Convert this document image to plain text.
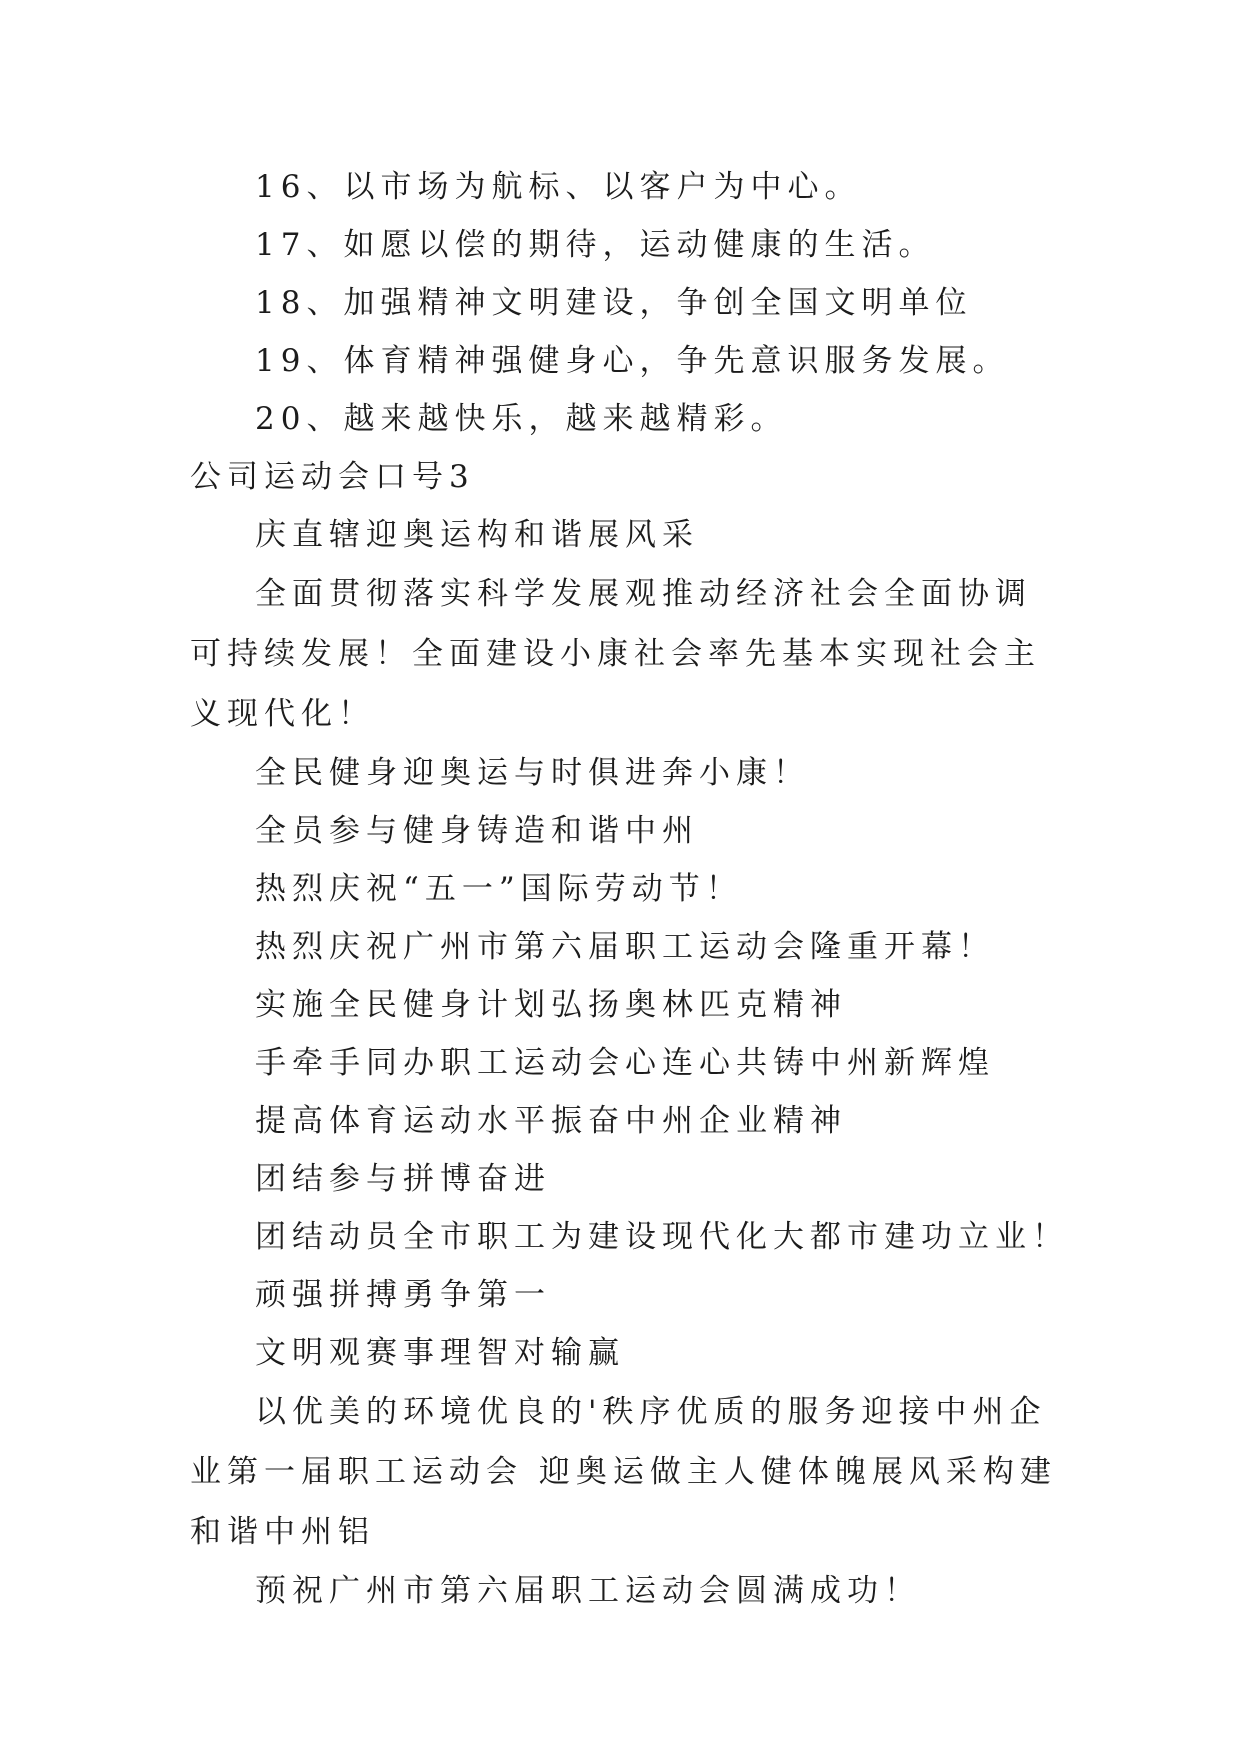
16、以市场为航标、以客户为中心。

17、如愿以偿的期待，运动健康的生活。

18、加强精神文明建设，争创全国文明单位

19、体育精神强健身心，争先意识服务发展。

20、越来越快乐，越来越精彩。

公司运动会口号3

庆直辖迎奥运构和谐展风采

全面贯彻落实科学发展观推动经济社会全面协调可持续发展！全面建设小康社会率先基本实现社会主义现代化！

全民健身迎奥运与时俱进奔小康！

全员参与健身铸造和谐中州

热烈庆祝“五一”国际劳动节！

热烈庆祝广州市第六届职工运动会隆重开幕！

实施全民健身计划弘扬奥林匹克精神

手牵手同办职工运动会心连心共铸中州新辉煌

提高体育运动水平振奋中州企业精神

团结参与拼博奋进

团结动员全市职工为建设现代化大都市建功立业！

顽强拼搏勇争第一

文明观赛事理智对输赢

以优美的环境优良的'秩序优质的服务迎接中州企业第一届职工运动会 迎奥运做主人健体魄展风采构建和谐中州铝

预祝广州市第六届职工运动会圆满成功！
